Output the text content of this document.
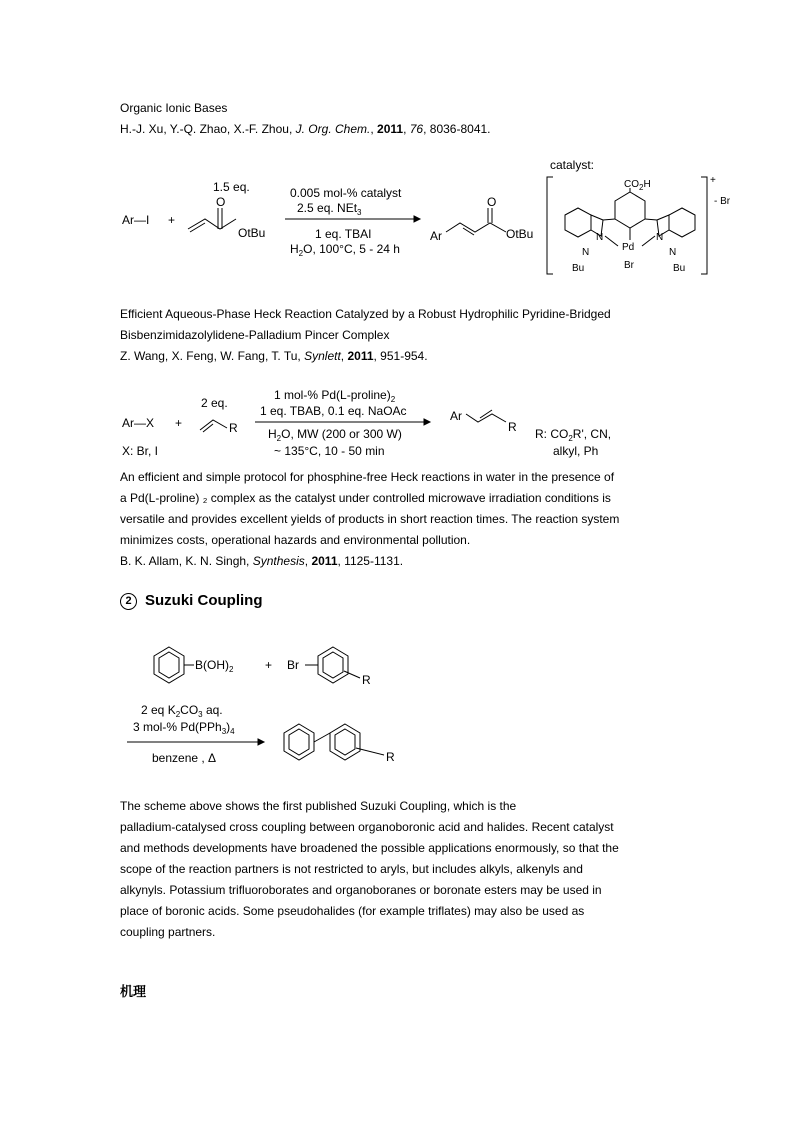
Organic Ionic Bases
H.-J. Xu, Y.-Q. Zhao, X.-F. Zhou, J. Org. Chem., 2011, 76, 8036-8041.
catalyst:
Ar—I +
1.5 eq.
O
OtBu
0.005 mol-% catalyst
2.5 eq. NEt$_3$
1 eq. TBAI
$H_2O$, 100°C, 5 - 24 h
Ar
O
OtBu
+
- Br
$CO_2H$
Pd
Br
N
N
Bu
N
N
Bu
Efficient Aqueous-Phase Heck Reaction Catalyzed by a Robust Hydrophilic Pyridine-Bridged
Bisbenzimidazolylidene-Palladium Pincer Complex
Z. Wang, X. Feng, W. Fang, T. Tu, Synlett, 2011, 951-954.
Ar—X
X: Br, I
+
2 eq.
R
1 mol-% $Pd(L-proline)_2$
1 eq. TBAB, 0.1 eq. NaOAc
$H_2O$, MW (200 or 300 W)
~ 135°C, 10 - 50 min
Ar
R R: $CO_2R'$, CN,
alkyl, Ph
An efficient and simple protocol for phosphine-free Heck reactions in water in the presence of
a Pd(L-proline) ₂ complex as the catalyst under controlled microwave irradiation conditions is
versatile and provides excellent yields of products in short reaction times. The reaction system
minimizes costs, operational hazards and environmental pollution.
B. K. Allam, K. N. Singh, Synthesis, 2011, 1125-1131.
2 Suzuki Coupling
$B(OH)_2$	+ Br
R
2 eq $K_2CO_3$ aq.
3 mol-% $Pd(PPh_3)_4$
benzene , Δ	R
The scheme above shows the first published Suzuki Coupling, which is the
palladium-catalysed cross coupling between organoboronic acid and halides. Recent catalyst
and methods developments have broadened the possible applications enormously, so that the
scope of the reaction partners is not restricted to aryls, but includes alkyls, alkenyls and
alkynyls. Potassium trifluoroborates and organoboranes or boronate esters may be used in
place of boronic acids. Some pseudohalides (for example triflates) may also be used as
coupling partners.
机理
